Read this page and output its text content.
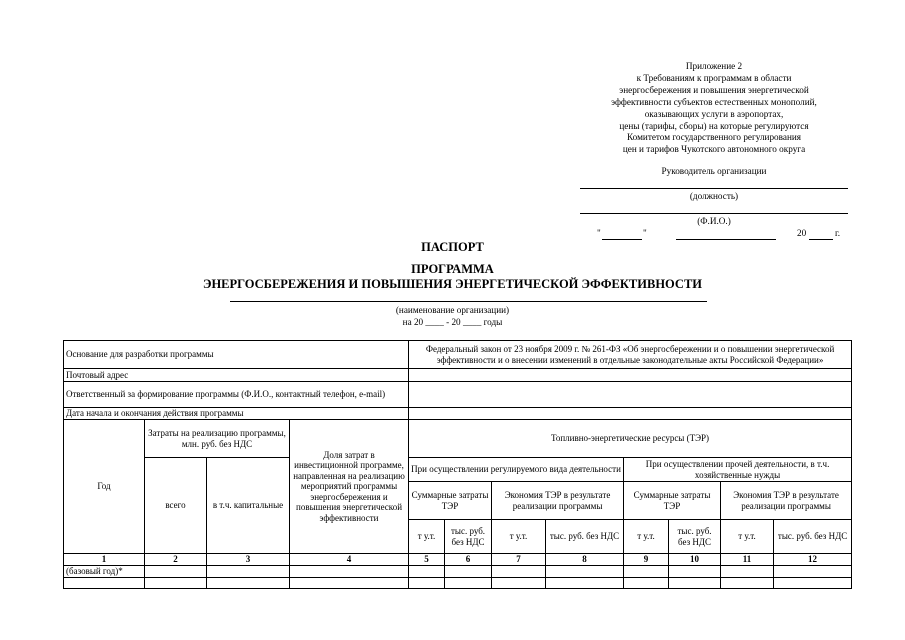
Приложение 2
к Требованиям к программам в области
энергосбережения и повышения энергетической
эффективности субъектов естественных монополий,
оказывающих услуги в аэропортах,
цены (тарифы, сборы) на которые регулируются
Комитетом государственного регулирования
цен и тарифов Чукотского автономного округа
Руководитель организации
(должность)
(Ф.И.О.)
"	"	20	г.
ПАСПОРТ
ПРОГРАММА
ЭНЕРГОСБЕРЕЖЕНИЯ И ПОВЫШЕНИЯ ЭНЕРГЕТИЧЕСКОЙ ЭФФЕКТИВНОСТИ
(наименование организации)
на 20 ____ - 20 ____ годы
Основание для разработки программы				Федеральный закон от 23 ноября 2009 г. № 261-ФЗ «Об энергосбережении и о повышении энергетической эффективности и о внесении изменений в отдельные законодательные акты Российской Федерации»							
Почтовый адрес											
Ответственный за формирование программы (Ф.И.О., контактный телефон, e-mail)											
Дата начала и окончания действия программы											
Год	Затраты на реализацию программы, млн. руб. без НДС		Доля затрат в инвестиционной программе, направленная на реализацию мероприятий программы энергосбережения и повышения энергетической эффективности	Топливно-энергетические ресурсы (ТЭР)							
	всего	в т.ч. капитальные		При осуществлении регулируемого вида деятельности				При осуществлении прочей деятельности, в т.ч. хозяйственные нужды			
				Суммарные затраты ТЭР		Экономия ТЭР в результате реализации программы		Суммарные затраты ТЭР		Экономия ТЭР в результате реализации программы	
				т у.т.	тыс. руб. без НДС	т у.т.	тыс. руб. без НДС	т у.т.	тыс. руб. без НДС	т у.т.	тыс. руб. без НДС
1	2	3	4	5	6	7	8	9	10	11	12
(базовый год)*											
